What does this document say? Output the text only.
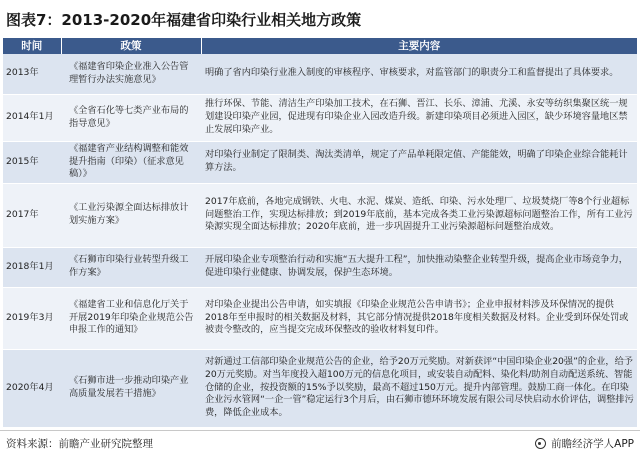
图表7：2013-2020年福建省印染行业相关地方政策
时间	政策	主要内容
2013年	《福建省印染企业准入公告管理暂行办法实施意见》	明确了省内印染行业准入制度的审核程序、审核要求，对监管部门的职责分工和监督提出了具体要求。
2014年1月	《全省石化等七类产业布局的指导意见》	推行环保、节能、清洁生产印染加工技术，在石狮、晋江、长乐、漳浦、尤溪、永安等纺织集聚区统一规划建设印染产业园，促进现有印染企业入园改造升级。新建印染项目必须进入园区，缺少环境容量地区禁止发展印染产业。
2015年	《福建省产业结构调整和能效提升指南（印染）（征求意见稿）》	对印染行业制定了限制类、淘汰类清单，规定了产品单耗限定值、产能能效，明确了印染企业综合能耗计算方法。
2017年	《工业污染源全面达标排放计划实施方案》	2017年底前，各地完成钢铁、火电、水泥、煤炭、造纸、印染、污水处理厂、垃圾焚烧厂等8个行业超标问题整治工作，实现达标排放；到2019年底前，基本完成各类工业污染源超标问题整治工作，所有工业污染源实现全面达标排放；2020年底前，进一步巩固提升工业污染源超标问题整治成效。
2018年1月	《石狮市印染行业转型升级工作方案》	开展印染企业专项整治行动和实施“五大提升工程”，加快推动染整企业转型升级，提高企业市场竞争力，促进印染行业健康、协调发展，保护生态环境。
2019年3月	《福建省工业和信息化厅关于开展2019年印染企业规范公告申报工作的通知》	对印染企业提出公告申请，如实填报《印染企业规范公告申请书》；企业申报材料涉及环保情况的提供2018年至申报时的相关数据及材料，其它部分情况提供2018年度相关数据及材料。企业受到环保处罚或被责令整改的，应当提交完成环保整改的验收材料复印件。
2020年4月	《石狮市进一步推动印染产业高质量发展若干措施》	对新通过工信部印染企业规范公告的企业，给予20万元奖励。对新获评“中国印染企业20强”的企业，给予20万元奖励。对当年度投入超100万元的信息化项目，或安装自动配料、染化料/助剂自动配送系统、智能仓储的企业，按投资额的15%予以奖励，最高不超过150万元。提升内部管理。鼓励工商一体化。在印染企业污水管网“一企一管”稳定运行3个月后，由石狮市德环环境发展有限公司尽快启动水价评估，调整排污费，降低企业成本。
资料来源：前瞻产业研究院整理	前瞻经济学人APP
